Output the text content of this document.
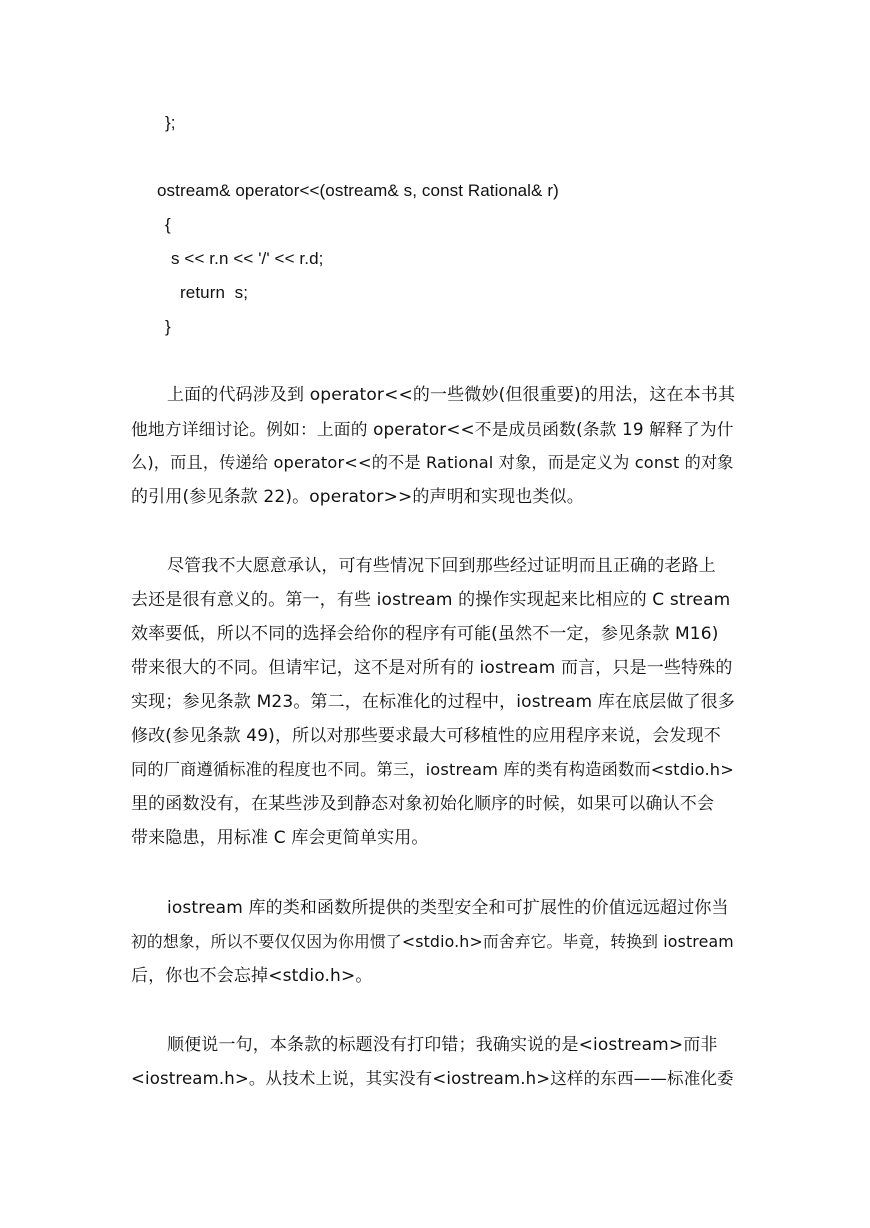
};
ostream& operator<<(ostream& s, const Rational& r)
{
s << r.n << '/' << r.d;
return  s;
}
上面的代码涉及到 operator<<的一些微妙(但很重要)的用法，这在本书其
他地方详细讨论。例如：上面的 operator<<不是成员函数(条款 19 解释了为什
么)，而且，传递给 operator<<的不是 Rational 对象，而是定义为 const 的对象
的引用(参见条款 22)。operator>>的声明和实现也类似。
尽管我不大愿意承认，可有些情况下回到那些经过证明而且正确的老路上
去还是很有意义的。第一，有些 iostream 的操作实现起来比相应的 C stream
效率要低，所以不同的选择会给你的程序有可能(虽然不一定，参见条款 M16)
带来很大的不同。但请牢记，这不是对所有的 iostream 而言，只是一些特殊的
实现；参见条款 M23。第二，在标准化的过程中，iostream 库在底层做了很多
修改(参见条款 49)，所以对那些要求最大可移植性的应用程序来说，会发现不
同的厂商遵循标准的程度也不同。第三，iostream 库的类有构造函数而<stdio.h>
里的函数没有，在某些涉及到静态对象初始化顺序的时候，如果可以确认不会
带来隐患，用标准 C 库会更简单实用。
iostream 库的类和函数所提供的类型安全和可扩展性的价值远远超过你当
初的想象，所以不要仅仅因为你用惯了<stdio.h>而舍弃它。毕竟，转换到 iostream
后，你也不会忘掉<stdio.h>。
顺便说一句，本条款的标题没有打印错；我确实说的是<iostream>而非
<iostream.h>。从技术上说，其实没有<iostream.h>这样的东西——标准化委
